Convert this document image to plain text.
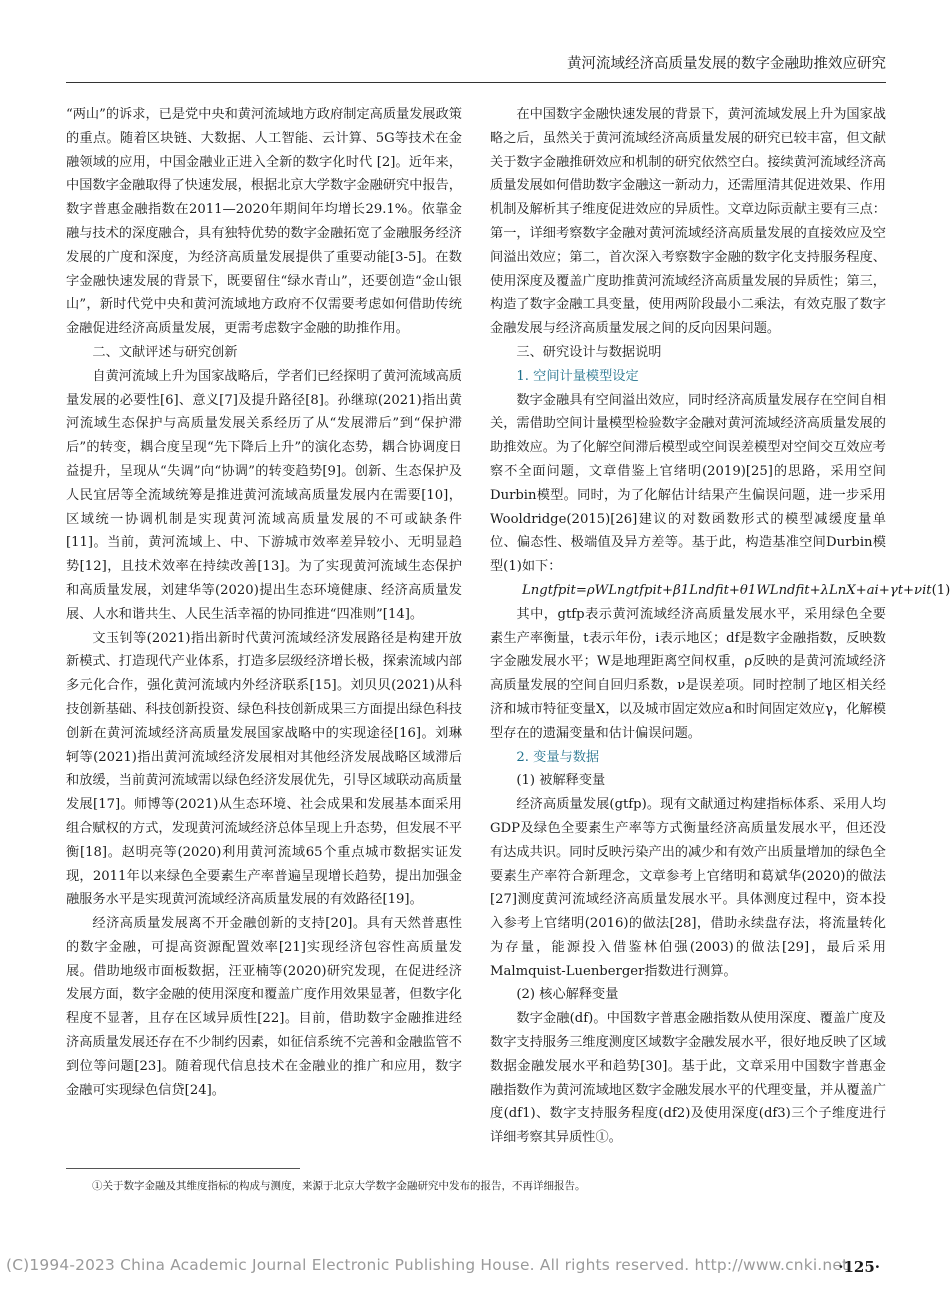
黄河流域经济高质量发展的数字金融助推效应研究

“两山”的诉求，已是党中央和黄河流域地方政府制定高质量发展政策的重点。随着区块链、大数据、人工智能、云计算、5G等技术在金融领域的应用，中国金融业正进入全新的数字化时代 [2]。近年来，中国数字金融取得了快速发展，根据北京大学数字金融研究中报告，数字普惠金融指数在2011—2020年期间年均增长29.1%。依靠金融与技术的深度融合，具有独特优势的数字金融拓宽了金融服务经济发展的广度和深度，为经济高质量发展提供了重要动能[3-5]。在数字金融快速发展的背景下，既要留住“绿水青山”，还要创造“金山银山”，新时代党中央和黄河流域地方政府不仅需要考虑如何借助传统金融促进经济高质量发展，更需考虑数字金融的助推作用。

二、文献评述与研究创新

自黄河流域上升为国家战略后，学者们已经探明了黄河流域高质量发展的必要性[6]、意义[7]及提升路径[8]。孙继琼(2021)指出黄河流域生态保护与高质量发展关系经历了从“发展滞后”到“保护滞后”的转变，耦合度呈现“先下降后上升”的演化态势，耦合协调度日益提升，呈现从“失调”向“协调”的转变趋势[9]。创新、生态保护及人民宜居等全流域统筹是推进黄河流域高质量发展内在需要[10]，区域统一协调机制是实现黄河流域高质量发展的不可或缺条件[11]。当前，黄河流域上、中、下游城市效率差异较小、无明显趋势[12]，且技术效率在持续改善[13]。为了实现黄河流域生态保护和高质量发展，刘建华等(2020)提出生态环境健康、经济高质量发展、人水和谐共生、人民生活幸福的协同推进“四准则”[14]。

文玉钊等(2021)指出新时代黄河流域经济发展路径是构建开放新模式、打造现代产业体系，打造多层级经济增长极，探索流域内部多元化合作，强化黄河流域内外经济联系[15]。刘贝贝(2021)从科技创新基础、科技创新投资、绿色科技创新成果三方面提出绿色科技创新在黄河流域经济高质量发展国家战略中的实现途径[16]。刘琳轲等(2021)指出黄河流域经济发展相对其他经济发展战略区域滞后和放缓，当前黄河流域需以绿色经济发展优先，引导区域联动高质量发展[17]。师博等(2021)从生态环境、社会成果和发展基本面采用组合赋权的方式，发现黄河流域经济总体呈现上升态势，但发展不平衡[18]。赵明亮等(2020)利用黄河流域65个重点城市数据实证发现，2011年以来绿色全要素生产率普遍呈现增长趋势，提出加强金融服务水平是实现黄河流域经济高质量发展的有效路径[19]。

经济高质量发展离不开金融创新的支持[20]。具有天然普惠性的数字金融，可提高资源配置效率[21]实现经济包容性高质量发展。借助地级市面板数据，汪亚楠等(2020)研究发现，在促进经济发展方面，数字金融的使用深度和覆盖广度作用效果显著，但数字化程度不显著，且存在区域异质性[22]。目前，借助数字金融推进经济高质量发展还存在不少制约因素，如征信系统不完善和金融监管不到位等问题[23]。随着现代信息技术在金融业的推广和应用，数字金融可实现绿色信贷[24]。

在中国数字金融快速发展的背景下，黄河流域发展上升为国家战略之后，虽然关于黄河流域经济高质量发展的研究已较丰富，但文献关于数字金融推研效应和机制的研究依然空白。接续黄河流域经济高质量发展如何借助数字金融这一新动力，还需厘清其促进效果、作用机制及解析其子维度促进效应的异质性。文章边际贡献主要有三点：第一，详细考察数字金融对黄河流域经济高质量发展的直接效应及空间溢出效应；第二，首次深入考察数字金融的数字化支持服务程度、使用深度及覆盖广度助推黄河流域经济高质量发展的异质性；第三，构造了数字金融工具变量，使用两阶段最小二乘法，有效克服了数字金融发展与经济高质量发展之间的反向因果问题。

三、研究设计与数据说明

1. 空间计量模型设定

数字金融具有空间溢出效应，同时经济高质量发展存在空间自相关，需借助空间计量模型检验数字金融对黄河流域经济高质量发展的助推效应。为了化解空间滞后模型或空间误差模型对空间交互效应考察不全面问题，文章借鉴上官绪明(2019)[25]的思路，采用空间Durbin模型。同时，为了化解估计结果产生偏误问题，进一步采用Wooldridge(2015)[26]建议的对数函数形式的模型减缓度量单位、偏态性、极端值及异方差等。基于此，构造基准空间Durbin模型(1)如下：

Lngtfpit=ρWLngtfpit+β1Lndfit+θ1WLndfit+λLnX+ai+γt+νit (1)

其中，gtfp表示黄河流域经济高质量发展水平，采用绿色全要素生产率衡量，t表示年份，i表示地区；df是数字金融指数，反映数字金融发展水平；W是地理距离空间权重，ρ反映的是黄河流域经济高质量发展的空间自回归系数，ν是误差项。同时控制了地区相关经济和城市特征变量X，以及城市固定效应a和时间固定效应γ，化解模型存在的遗漏变量和估计偏误问题。

2. 变量与数据

(1) 被解释变量

经济高质量发展(gtfp)。现有文献通过构建指标体系、采用人均GDP及绿色全要素生产率等方式衡量经济高质量发展水平，但还没有达成共识。同时反映污染产出的减少和有效产出质量增加的绿色全要素生产率符合新理念，文章参考上官绪明和葛斌华(2020)的做法[27]测度黄河流域经济高质量发展水平。具体测度过程中，资本投入参考上官绪明(2016)的做法[28]，借助永续盘存法，将流量转化为存量，能源投入借鉴林伯强(2003)的做法[29]，最后采用Malmquist-Luenberger指数进行测算。

(2) 核心解释变量

数字金融(df)。中国数字普惠金融指数从使用深度、覆盖广度及数字支持服务三维度测度区域数字金融发展水平，很好地反映了区域数据金融发展水平和趋势[30]。基于此，文章采用中国数字普惠金融指数作为黄河流域地区数字金融发展水平的代理变量，并从覆盖广度(df1)、数字支持服务程度(df2)及使用深度(df3)三个子维度进行详细考察其异质性①。

①关于数字金融及其维度指标的构成与测度，来源于北京大学数字金融研究中发布的报告，不再详细报告。
(C)1994-2023 China Academic Journal Electronic Publishing House. All rights reserved. http://www.cnki.net
·125·
